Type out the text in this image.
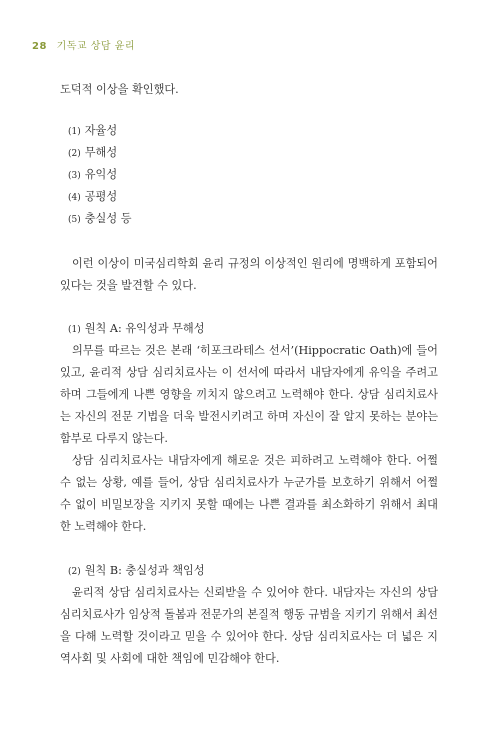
28 기독교 상담 윤리

도덕적 이상을 확인했다.

(1) 자율성

(2) 무해성

(3) 유익성

(4) 공평성

(5) 충실성 등

이런 이상이 미국심리학회 윤리 규정의 이상적인 원리에 명백하게 포함되어 있다는 것을 발견할 수 있다.

(1) 원칙 A: 유익성과 무해성

의무를 따르는 것은 본래 ‘히포크라테스 선서’(Hippocratic Oath)에 들어있고, 윤리적 상담 심리치료사는 이 선서에 따라서 내담자에게 유익을 주려고 하며 그들에게 나쁜 영향을 끼치지 않으려고 노력해야 한다. 상담 심리치료사는 자신의 전문 기법을 더욱 발전시키려고 하며 자신이 잘 알지 못하는 분야는 함부로 다루지 않는다.

상담 심리치료사는 내담자에게 해로운 것은 피하려고 노력해야 한다. 어쩔 수 없는 상황, 예를 들어, 상담 심리치료사가 누군가를 보호하기 위해서 어쩔 수 없이 비밀보장을 지키지 못할 때에는 나쁜 결과를 최소화하기 위해서 최대한 노력해야 한다.

(2) 원칙 B: 충실성과 책임성

윤리적 상담 심리치료사는 신뢰받을 수 있어야 한다. 내담자는 자신의 상담 심리치료사가 임상적 돌봄과 전문가의 본질적 행동 규범을 지키기 위해서 최선을 다해 노력할 것이라고 믿을 수 있어야 한다. 상담 심리치료사는 더 넓은 지역사회 및 사회에 대한 책임에 민감해야 한다.
